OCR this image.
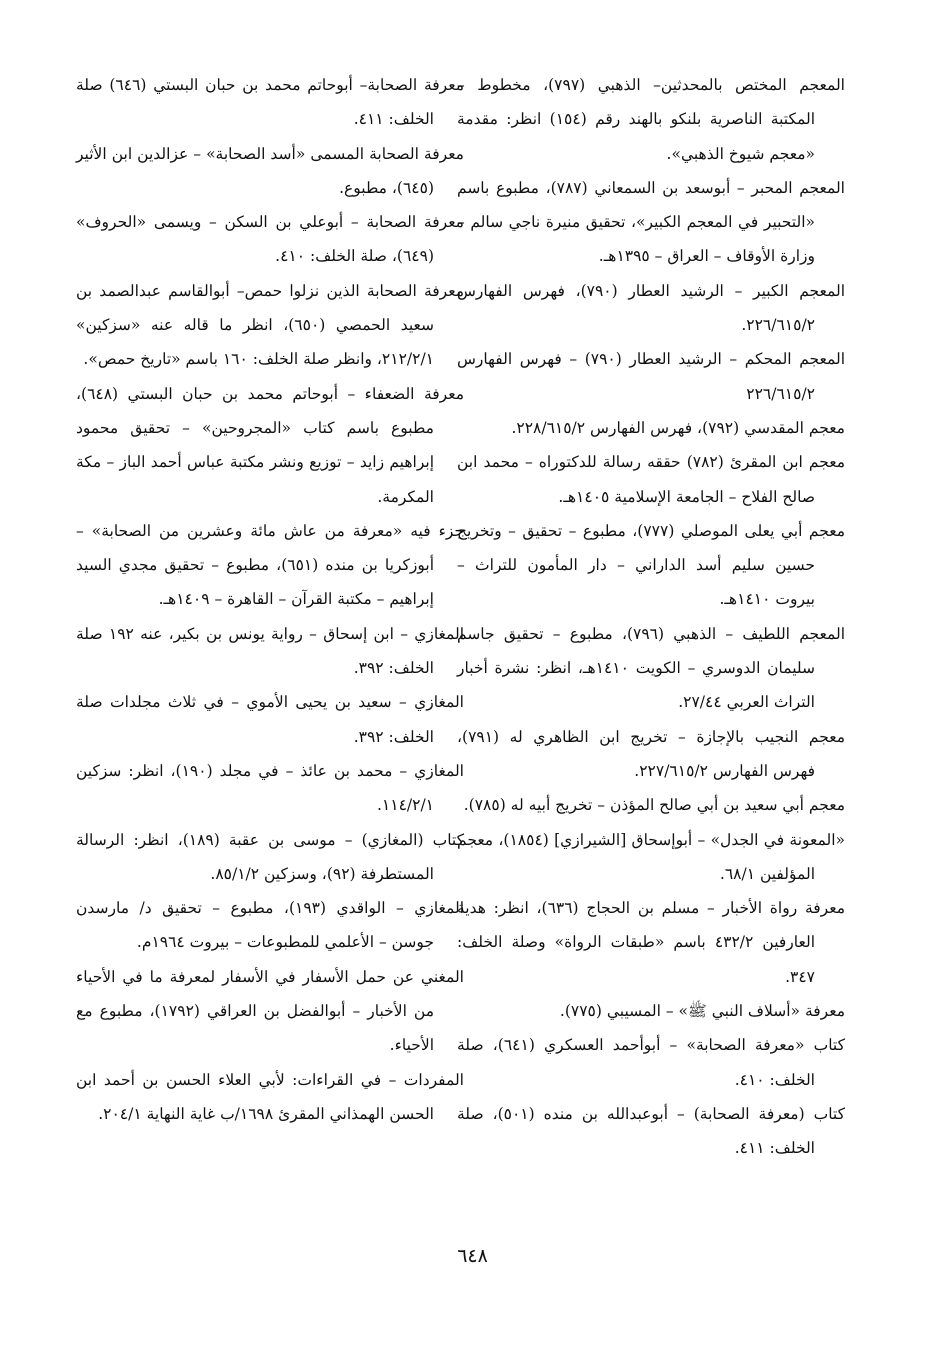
المعجم المختص بالمحدثين– الذهبي (٧٩٧)، مخطوط – المكتبة الناصرية بلنكو بالهند رقم (١٥٤) انظر: مقدمة «معجم شيوخ الذهبي».

المعجم المحبر – أبوسعد بن السمعاني (٧٨٧)، مطبوع باسم «التحبير في المعجم الكبير»، تحقيق منيرة ناجي سالم – وزارة الأوقاف – العراق – ١٣٩٥هـ.

المعجم الكبير – الرشيد العطار (٧٩٠)، فهرس الفهارس ٢٢٦/٦١٥/٢.

المعجم المحكم – الرشيد العطار (٧٩٠) – فهرس الفهارس ٢٢٦/٦١٥/٢

معجم المقدسي (٧٩٢)، فهرس الفهارس ٢٢٨/٦١٥/٢.

معجم ابن المقرئ (٧٨٢) حققه رسالة للدكتوراه – محمد ابن صالح الفلاح – الجامعة الإسلامية ١٤٠٥هـ.

معجم أبي يعلى الموصلي (٧٧٧)، مطبوع – تحقيق – وتخريج حسين سليم أسد الداراني – دار المأمون للتراث – بيروت ١٤١٠هـ.

المعجم اللطيف – الذهبي (٧٩٦)، مطبوع – تحقيق جاسم سليمان الدوسري – الكويت ١٤١٠هـ، انظر: نشرة أخبار التراث العربي ٢٧/٤٤.

معجم النجيب بالإجازة – تخريج ابن الظاهري له (٧٩١)، فهرس الفهارس ٢٢٧/٦١٥/٢.

معجم أبي سعيد بن أبي صالح المؤذن – تخريج أبيه له (٧٨٥).

«المعونة في الجدل» – أبوإسحاق [الشيرازي] (١٨٥٤)، معجم المؤلفين ٦٨/١.

معرفة رواة الأخبار – مسلم بن الحجاج (٦٣٦)، انظر: هدية العارفين ٤٣٢/٢ باسم «طبقات الرواة» وصلة الخلف: ٣٤٧.

معرفة «أسلاف النبي ﷺ» – المسيبي (٧٧٥).

كتاب «معرفة الصحابة» – أبوأحمد العسكري (٦٤١)، صلة الخلف: ٤١٠.

كتاب (معرفة الصحابة) – أبوعبدالله بن منده (٥٠١)، صلة الخلف: ٤١١.

معرفة الصحابة– أبوحاتم محمد بن حبان البستي (٦٤٦) صلة الخلف: ٤١١.

معرفة الصحابة المسمى «أسد الصحابة» – عزالدين ابن الأثير (٦٤٥)، مطبوع.

معرفة الصحابة – أبوعلي بن السكن – ويسمى «الحروف» (٦٤٩)، صلة الخلف: ٤١٠.

معرفة الصحابة الذين نزلوا حمص– أبوالقاسم عبدالصمد بن سعيد الحمصي (٦٥٠)، انظر ما قاله عنه «سزكين» ٢١٢/٢/١، وانظر صلة الخلف: ١٦٠ باسم «تاريخ حمص».

معرفة الضعفاء – أبوحاتم محمد بن حبان البستي (٦٤٨)، مطبوع باسم كتاب «المجروحين» – تحقيق محمود إبراهيم زايد – توزيع ونشر مكتبة عباس أحمد الباز – مكة المكرمة.

جزء فيه «معرفة من عاش مائة وعشرين من الصحابة» – أبوزكريا بن منده (٦٥١)، مطبوع – تحقيق مجدي السيد إبراهيم – مكتبة القرآن – القاهرة – ١٤٠٩هـ.

المغازي – ابن إسحاق – رواية يونس بن بكير، عنه ١٩٢ صلة الخلف: ٣٩٢.

المغازي – سعيد بن يحيى الأموي – في ثلاث مجلدات صلة الخلف: ٣٩٢.

المغازي – محمد بن عائذ – في مجلد (١٩٠)، انظر: سزكين ١١٤/٢/١.

كتاب (المغازي) – موسى بن عقبة (١٨٩)، انظر: الرسالة المستطرفة (٩٢)، وسزكين ٨٥/١/٢.

المغازي – الواقدي (١٩٣)، مطبوع – تحقيق د/ مارسدن جوسن – الأعلمي للمطبوعات – بيروت ١٩٦٤م.

المغني عن حمل الأسفار في الأسفار لمعرفة ما في الأحياء من الأخبار – أبوالفضل بن العراقي (١٧٩٢)، مطبوع مع الأحياء.

المفردات – في القراءات: لأبي العلاء الحسن بن أحمد ابن الحسن الهمذاني المقرئ ١٦٩٨/ب غاية النهاية ٢٠٤/١.

٦٤٨
